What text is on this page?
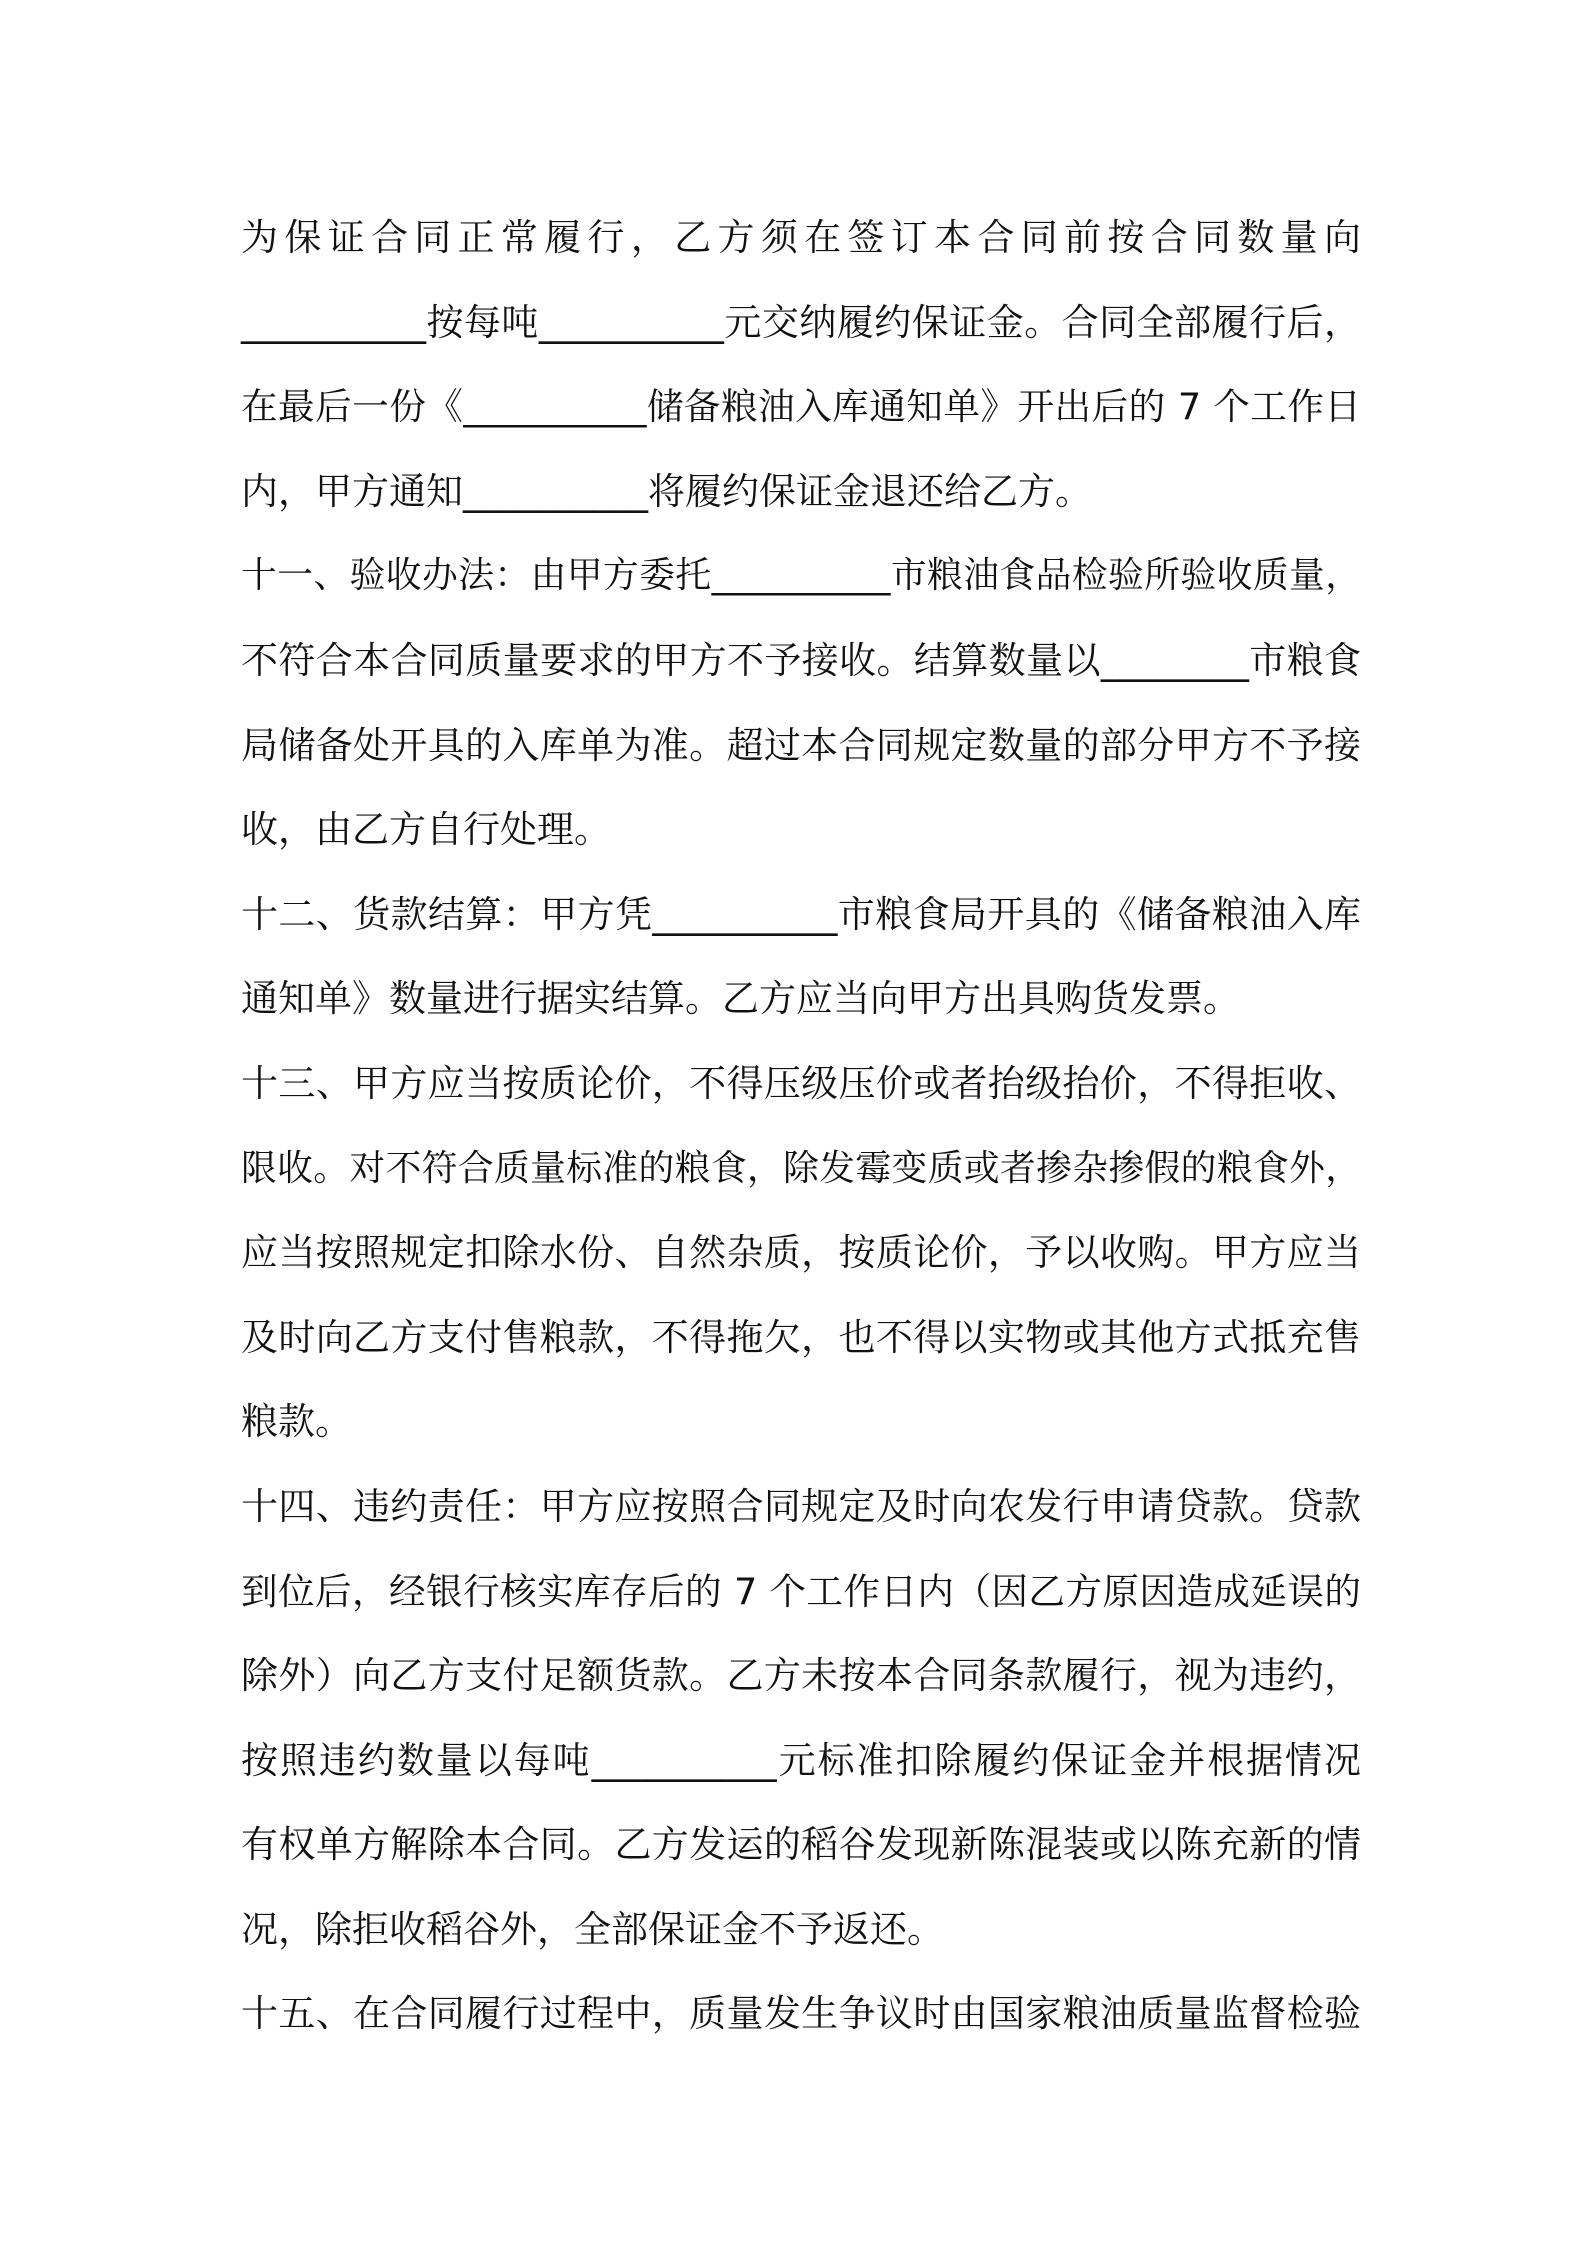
为保证合同正常履行，乙方须在签订本合同前按合同数量向
__________按每吨__________元交纳履约保证金。合同全部履行后，
在最后一份《__________储备粮油入库通知单》开出后的 7 个工作日
内，甲方通知__________将履约保证金退还给乙方。
十一、验收办法：由甲方委托__________市粮油食品检验所验收质量，
不符合本合同质量要求的甲方不予接收。结算数量以________市粮食
局储备处开具的入库单为准。超过本合同规定数量的部分甲方不予接
收，由乙方自行处理。
十二、货款结算：甲方凭__________市粮食局开具的《储备粮油入库
通知单》数量进行据实结算。乙方应当向甲方出具购货发票。
十三、甲方应当按质论价，不得压级压价或者抬级抬价，不得拒收、
限收。对不符合质量标准的粮食，除发霉变质或者掺杂掺假的粮食外，
应当按照规定扣除水份、自然杂质，按质论价，予以收购。甲方应当
及时向乙方支付售粮款，不得拖欠，也不得以实物或其他方式抵充售
粮款。
十四、违约责任：甲方应按照合同规定及时向农发行申请贷款。贷款
到位后，经银行核实库存后的 7 个工作日内（因乙方原因造成延误的
除外）向乙方支付足额货款。乙方未按本合同条款履行，视为违约，
按照违约数量以每吨__________元标准扣除履约保证金并根据情况
有权单方解除本合同。乙方发运的稻谷发现新陈混装或以陈充新的情
况，除拒收稻谷外，全部保证金不予返还。
十五、在合同履行过程中，质量发生争议时由国家粮油质量监督检验
